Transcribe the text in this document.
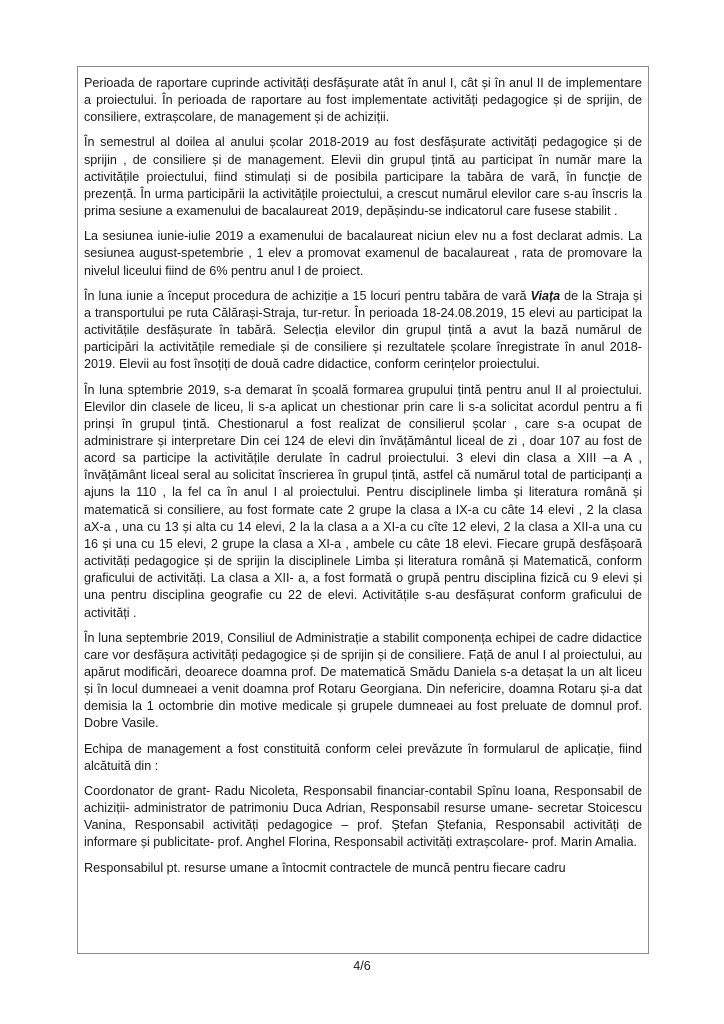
Perioada de raportare cuprinde activități desfășurate atât în anul I, cât și în anul II de implementare a proiectului. În perioada de raportare au fost implementate activități pedagogice și de sprijin, de consiliere, extrașcolare, de management și de achiziții.

În semestrul al doilea al anului școlar 2018-2019 au fost desfășurate activități pedagogice și de sprijin , de consiliere și de management. Elevii din grupul țintă au participat în număr mare la activitățile proiectului, fiind stimulați si de posibila participare la tabăra de vară, în funcție de prezență. În urma participării la activitățile proiectului, a crescut numărul elevilor care s-au înscris la prima sesiune a examenului de bacalaureat 2019, depășindu-se indicatorul care fusese stabilit .

La sesiunea iunie-iulie 2019 a examenului de bacalaureat niciun elev nu a fost declarat admis. La sesiunea august-spetembrie , 1 elev a promovat examenul de bacalaureat , rata de promovare la nivelul liceului fiind de 6% pentru anul I de proiect.

În luna iunie a început procedura de achiziție a 15 locuri pentru tabăra de vară Viața de la Straja și a transportului pe ruta Călărași-Straja, tur-retur. În perioada 18-24.08.2019, 15 elevi au participat la activitățile desfășurate în tabără. Selecția elevilor din grupul țintă a avut la bază numărul de participări la activitățile remediale și de consiliere și rezultatele școlare înregistrate în anul 2018-2019. Elevii au fost însoțiți de două cadre didactice, conform cerințelor proiectului.

În luna sptembrie 2019, s-a demarat în școală formarea grupului țintă pentru anul II al proiectului. Elevilor din clasele de liceu, li s-a aplicat un chestionar prin care li s-a solicitat acordul pentru a fi prinși în grupul țintă. Chestionarul a fost realizat de consilierul școlar , care s-a ocupat de administrare și interpretare Din cei 124 de elevi din învățământul liceal de zi , doar 107 au fost de acord sa participe la activitățile derulate în cadrul proiectului. 3 elevi din clasa a XIII –a A , învățământ liceal seral au solicitat înscrierea în grupul țintă, astfel că numărul total de participanți a ajuns la 110 , la fel ca în anul I al proiectului. Pentru disciplinele limba și literatura română și matematică si consiliere, au fost formate cate 2 grupe la clasa a IX-a cu câte 14 elevi , 2 la clasa aX-a , una cu 13 și alta cu 14 elevi, 2 la la clasa a a XI-a cu cîte 12 elevi, 2 la clasa a XII-a una cu 16 și una cu 15 elevi, 2 grupe la clasa a XI-a , ambele cu câte 18 elevi. Fiecare grupă desfășoară activități pedagogice și de sprijin la disciplinele Limba și literatura română și Matematică, conform graficului de activități. La clasa a XII- a, a fost formată o grupă pentru disciplina fizică cu 9 elevi și una pentru disciplina geografie cu 22 de elevi. Activitățile s-au desfășurat conform graficului de activități .

În luna septembrie 2019, Consiliul de Administrație a stabilit componența echipei de cadre didactice care vor desfășura activități pedagogice și de sprijin și de consiliere. Față de anul I al proiectului, au apărut modificări, deoarece doamna prof. De matematică Smădu Daniela s-a detașat la un alt liceu și în locul dumneaei a venit doamna prof Rotaru Georgiana. Din nefericire, doamna Rotaru și-a dat demisia la 1 octombrie din motive medicale și grupele dumneaei au fost preluate de domnul prof. Dobre Vasile.

Echipa de management a fost constituită conform celei prevăzute în formularul de aplicație, fiind alcătuită din :

Coordonator de grant- Radu Nicoleta, Responsabil financiar-contabil Spînu Ioana, Responsabil de achiziții- administrator de patrimoniu Duca Adrian, Responsabil resurse umane- secretar Stoicescu Vanina, Responsabil activități pedagogice – prof. Ștefan Ștefania, Responsabil activități de informare și publicitate- prof. Anghel Florina, Responsabil activități extrașcolare- prof. Marin Amalia.

Responsabilul pt. resurse umane a întocmit contractele de muncă pentru fiecare cadru

4/6
